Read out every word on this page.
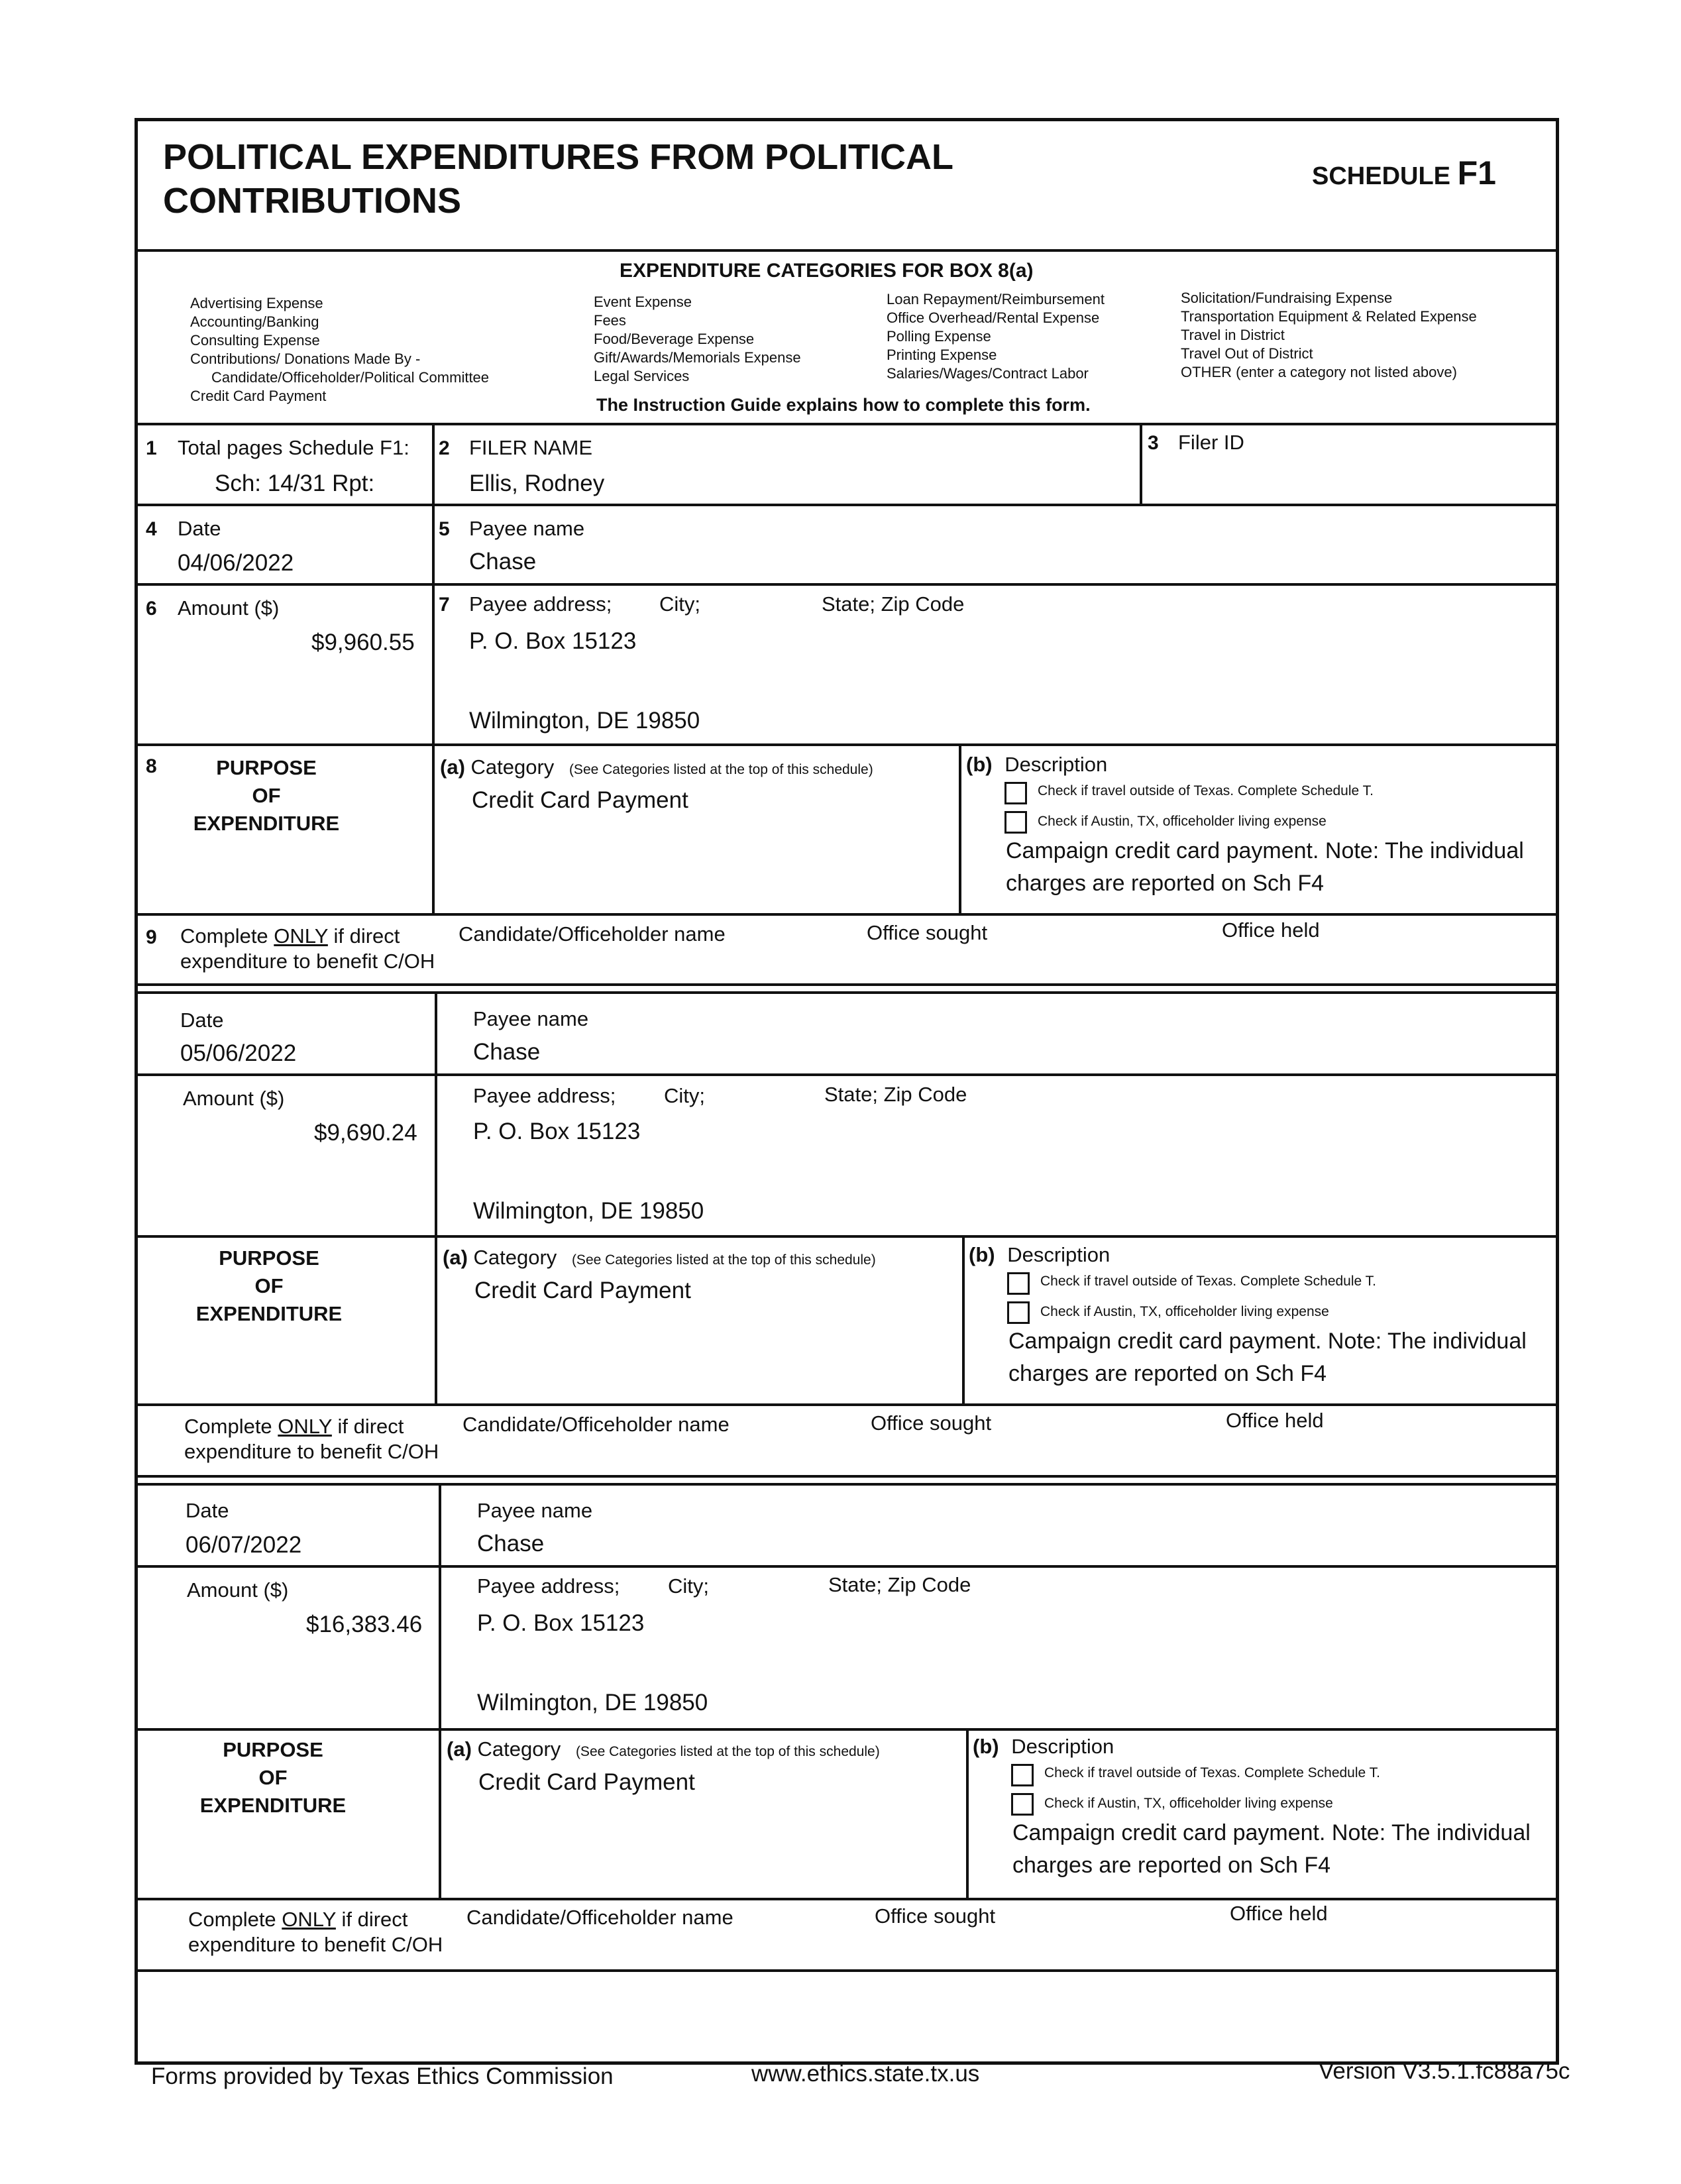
POLITICAL EXPENDITURES FROM POLITICAL
CONTRIBUTIONS
SCHEDULE F1
EXPENDITURE CATEGORIES FOR BOX 8(a)
Advertising Expense
Accounting/Banking
Consulting Expense
Contributions/ Donations Made By -
Candidate/Officeholder/Political Committee
Credit Card Payment
Event Expense
Fees
Food/Beverage Expense
Gift/Awards/Memorials Expense
Legal Services
Loan Repayment/Reimbursement
Office Overhead/Rental Expense
Polling Expense
Printing Expense
Salaries/Wages/Contract Labor
Solicitation/Fundraising Expense
Transportation Equipment & Related Expense
Travel in District
Travel Out of District
OTHER (enter a category not listed above)
The Instruction Guide explains how to complete this form.
1 Total pages Schedule F1:
Sch: 14/31 Rpt:
2 FILER NAME
Ellis, Rodney
3 Filer ID
4 Date
04/06/2022
5 Payee name
Chase
6 Amount ($)
$9,960.55
7 Payee address; City;	State; Zip Code
P. O. Box 15123
Wilmington, DE 19850
8	PURPOSE
OF
EXPENDITURE
(a) Category (See Categories listed at the top of this schedule)
Credit Card Payment
(b) Description
Check if travel outside of Texas. Complete Schedule T.
Check if Austin, TX, officeholder living expense
Campaign credit card payment. Note: The individual
charges are reported on Sch F4
9 Complete ONLY if direct
expenditure to benefit C/OH
Candidate/Officeholder name	Office sought	Office held
Date
05/06/2022
Payee name
Chase
Amount ($)
$9,690.24
Payee address; City;	State; Zip Code
P. O. Box 15123
Wilmington, DE 19850
PURPOSE
OF
EXPENDITURE
(a) Category (See Categories listed at the top of this schedule)
Credit Card Payment
(b) Description
Check if travel outside of Texas. Complete Schedule T.
Check if Austin, TX, officeholder living expense
Campaign credit card payment. Note: The individual
charges are reported on Sch F4
Complete ONLY if direct
expenditure to benefit C/OH
Candidate/Officeholder name	Office sought	Office held
Date
06/07/2022
Payee name
Chase
Amount ($)
$16,383.46
Payee address; City;	State; Zip Code
P. O. Box 15123
Wilmington, DE 19850
PURPOSE
OF
EXPENDITURE
(a) Category (See Categories listed at the top of this schedule)
Credit Card Payment
(b) Description
Check if travel outside of Texas. Complete Schedule T.
Check if Austin, TX, officeholder living expense
Campaign credit card payment. Note: The individual
charges are reported on Sch F4
Complete ONLY if direct
expenditure to benefit C/OH
Candidate/Officeholder name	Office sought	Office held
Forms provided by Texas Ethics Commission	www.ethics.state.tx.us	Version V3.5.1.fc88a75c
